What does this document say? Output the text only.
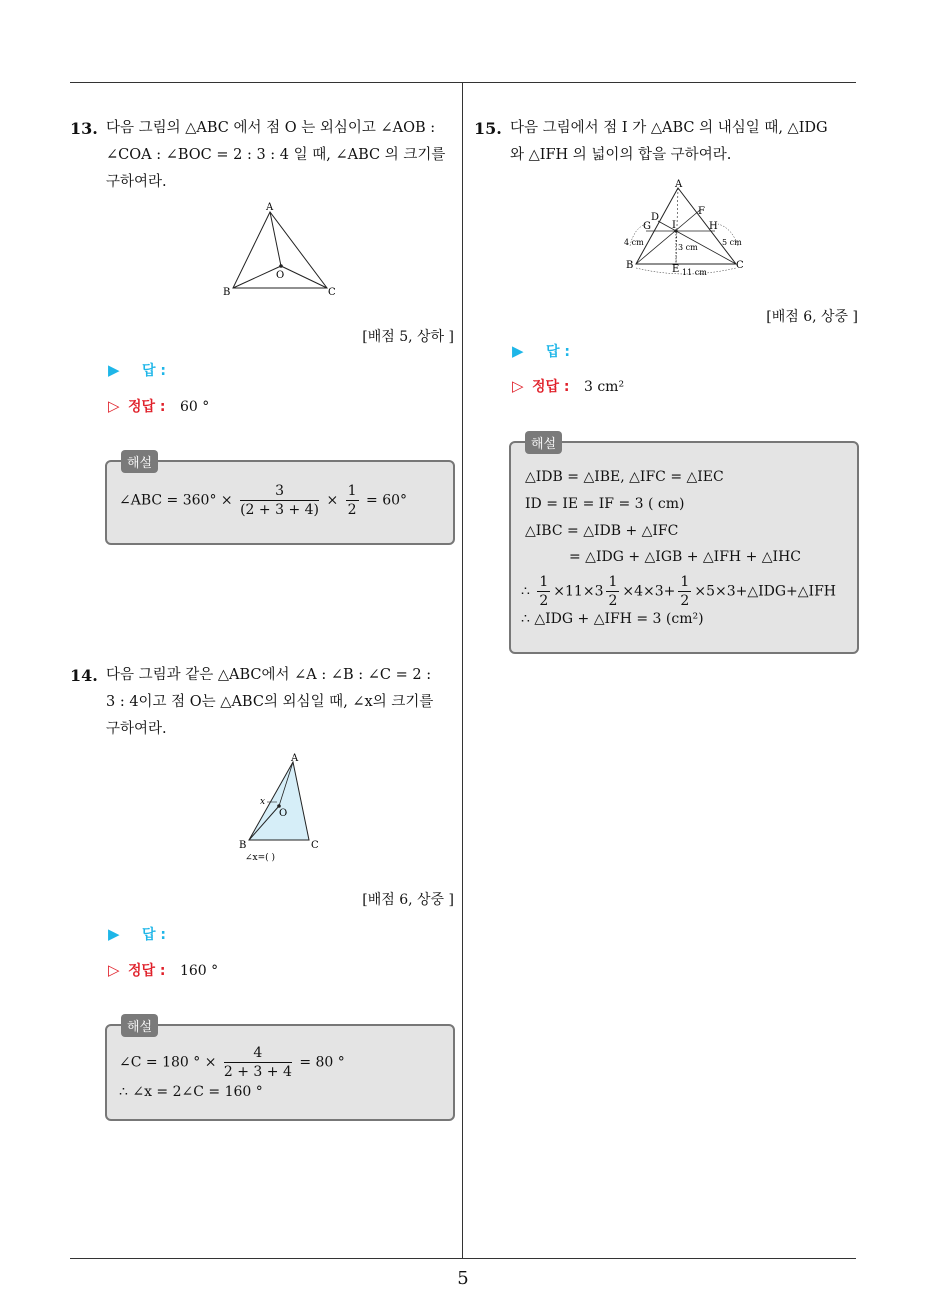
5
13. 다음 그림의 △ABC 에서 점 O 는 외심이고 ∠AOB :
∠COA : ∠BOC = 2 : 3 : 4 일 때, ∠ABC 의 크기를
구하여라.
A
B	C
O
[배점 5, 상하 ]
▶ 답 :
▷ 정답 : 60 °
해설
∠ABC = $360^\circ \times \frac{3}{(2 + 3 + 4)} \times \frac{1}{2} = 60^\circ$
14. 다음 그림과 같은 △ABC에서 ∠A : ∠B : ∠C = 2 :
3 : 4이고 점 O는 △ABC의 외심일 때, ∠x의 크기를
구하여라.
A
B	C
O
x
∠x=( )
[배점 6, 상중 ]
▶ 답 :
▷ 정답 : 160 °
해설
∠C = 180 ° × $\frac{4}{2 + 3 + 4} = 80$ °
∴ ∠x = 2∠C = 160 °
15. 다음 그림에서 점 I 가 △ABC 의 내심일 때, △IDG
와 △IFH 의 넓이의 합을 구하여라.
A
B	C
D
E
F
G	H
I
4 cm
3 cm
5 cm
11 cm
[배점 6, 상중 ]
▶ 답 :
▷ 정답 : 3 cm²
해설
△IDB = △IBE, △IFC = △IEC
ID = IE = IF = 3 ( cm)
△IBC = △IDB + △IFC
= △IDG + △IGB + △IFH + △IHC
∴ $\frac{1}{2} \times 11\times 3 \frac{1}{2} \times 4\times 3+ \frac{1}{2}$ ×5×3+△IDG+△IFH
∴ △IDG + △IFH = 3 (cm²)
